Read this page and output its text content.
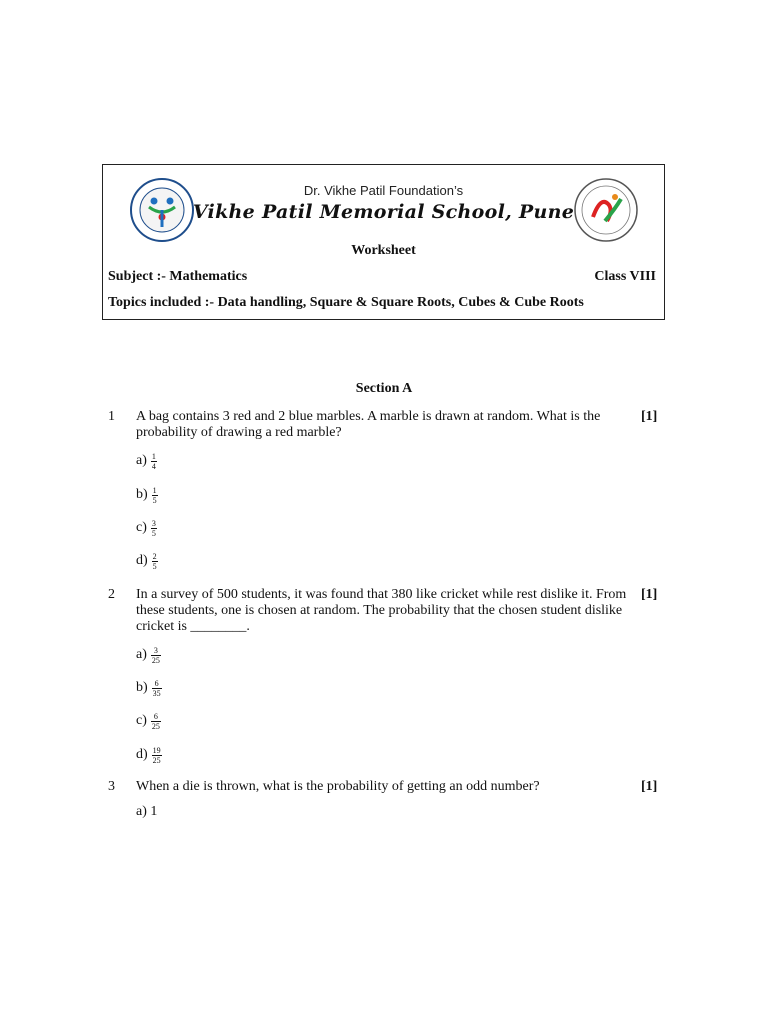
Dr. Vikhe Patil Foundation’s
Vikhe Patil Memorial School, Pune
Worksheet
Subject :- Mathematics	Class VIII
Topics included :- Data handling, Square & Square Roots, Cubes & Cube Roots
Section A
1 A bag contains 3 red and 2 blue marbles. A marble is drawn at random. What is the probability of drawing a red marble?
[1]
$a) \frac{1}{4}$
$b) \frac{1}{5}$
$c) \frac{3}{5}$
$d) \frac{2}{5}$
2 In a survey of 500 students, it was found that 380 like cricket while rest dislike it. From these students, one is chosen at random. The probability that the chosen student dislike cricket is ________.
[1]
$a) \frac{3}{25}$
$b) \frac{6}{35}$
$c) \frac{6}{25}$
$d) \frac{19}{25}$
3 When a die is thrown, what is the probability of getting an odd number?	[1]
a) 1
